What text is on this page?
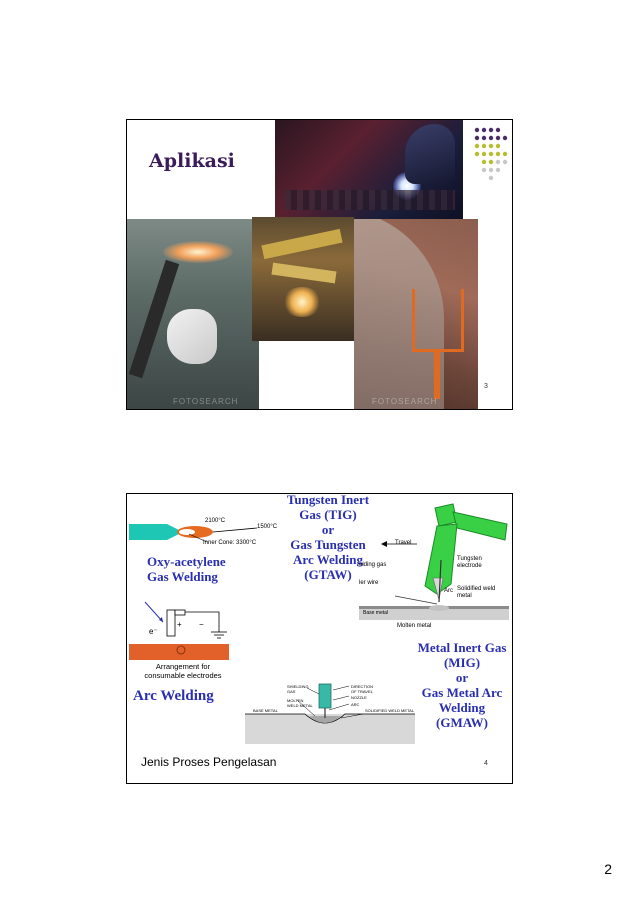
Aplikasi
FOTOSEARCH	FOTOSEARCH
3
2100°C
1500°C
Inner Cone: 3300°C
Oxy-acetylene
Gas Welding
Tungsten Inert
Gas (TIG)
or
Gas Tungsten
Arc Welding
(GTAW)
Travel
elding gas
Tungsten
electrode
ler wire
Arc Solidified weld
metal
Base metal
Molten metal
e⁻
+ −
Arrangement for
consumable electrodes
Arc Welding
SHIELDING
GAS
DIRECTION
OF TRAVEL
NOZZLE
ARC
MOLTEN
WELD METAL
BASE METAL	SOLIDIFIED WELD METAL
Metal Inert Gas
(MIG)
or
Gas Metal Arc
Welding
(GMAW)
Jenis Proses Pengelasan	4
2
